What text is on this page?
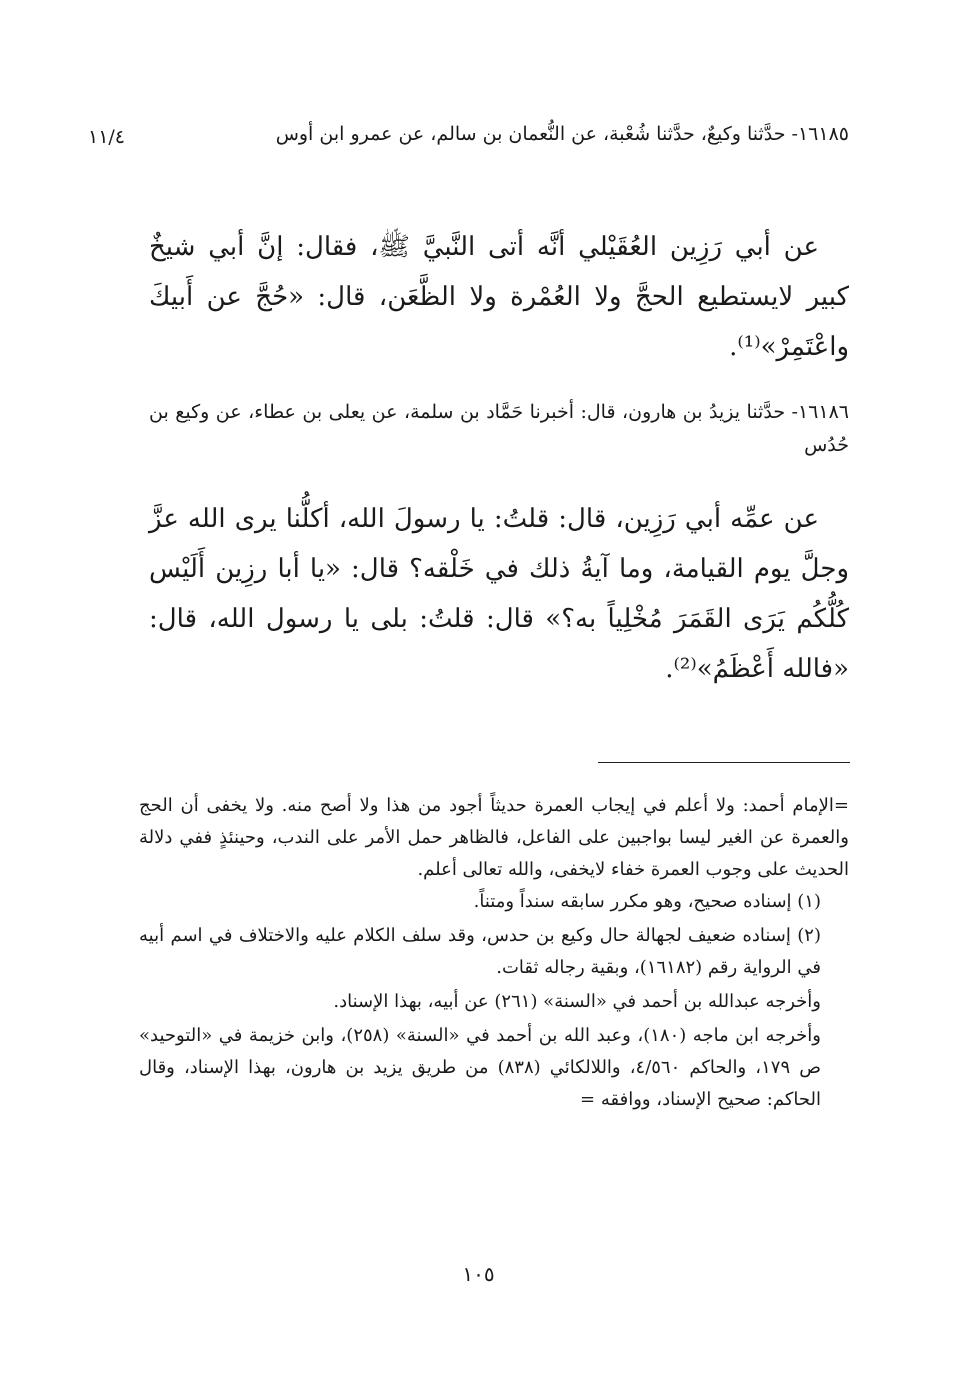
١١/٤	١٦١٨٥- حدَّثنا وكيعٌ، حدَّثنا شُعْبة، عن النُّعمان بن سالم، عن عمرو ابن أوس
عن أبي رَزِين العُقَيْلي أنَّه أتى النَّبيَّ ﷺ، فقال: إنَّ أبي شيخٌ كبير لايستطيع الحجَّ ولا العُمْرة ولا الظَّعَن، قال: «حُجَّ عن أَبيكَ واعْتَمِرْ»⁽¹⁾.
١٦١٨٦- حدَّثنا يزيدُ بن هارون، قال: أخبرنا حَمَّاد بن سلمة، عن يعلى بن عطاء، عن وكيع بن حُدُس
عن عمِّه أبي رَزِين، قال: قلتُ: يا رسولَ الله، أكلُّنا يرى الله عزَّ وجلَّ يوم القيامة، وما آيةُ ذلك في خَلْقه؟ قال: «يا أبا رزِين أَلَيْس كُلُّكُم يَرَى القَمَرَ مُخْلِياً به؟» قال: قلتُ: بلى يا رسول الله، قال: «فالله أَعْظَمُ»⁽²⁾.

=الإمام أحمد: ولا أعلم في إيجاب العمرة حديثاً أجود من هذا ولا أصح منه. ولا يخفى أن الحج والعمرة عن الغير ليسا بواجبين على الفاعل، فالظاهر حمل الأمر على الندب، وحينئذٍ ففي دلالة الحديث على وجوب العمرة خفاء لايخفى، والله تعالى أعلم.

(١) إسناده صحيح، وهو مكرر سابقه سنداً ومتناً.

(٢) إسناده ضعيف لجهالة حال وكيع بن حدس، وقد سلف الكلام عليه والاختلاف في اسم أبيه في الرواية رقم (١٦١٨٢)، وبقية رجاله ثقات.

وأخرجه عبدالله بن أحمد في «السنة» (٢٦١) عن أبيه، بهذا الإسناد.

وأخرجه ابن ماجه (١٨٠)، وعبد الله بن أحمد في «السنة» (٢٥٨)، وابن خزيمة في «التوحيد» ص ١٧٩، والحاكم ٤/٥٦٠، واللالكائي (٨٣٨) من طريق يزيد بن هارون، بهذا الإسناد، وقال الحاكم: صحيح الإسناد، ووافقه =

١٠٥
